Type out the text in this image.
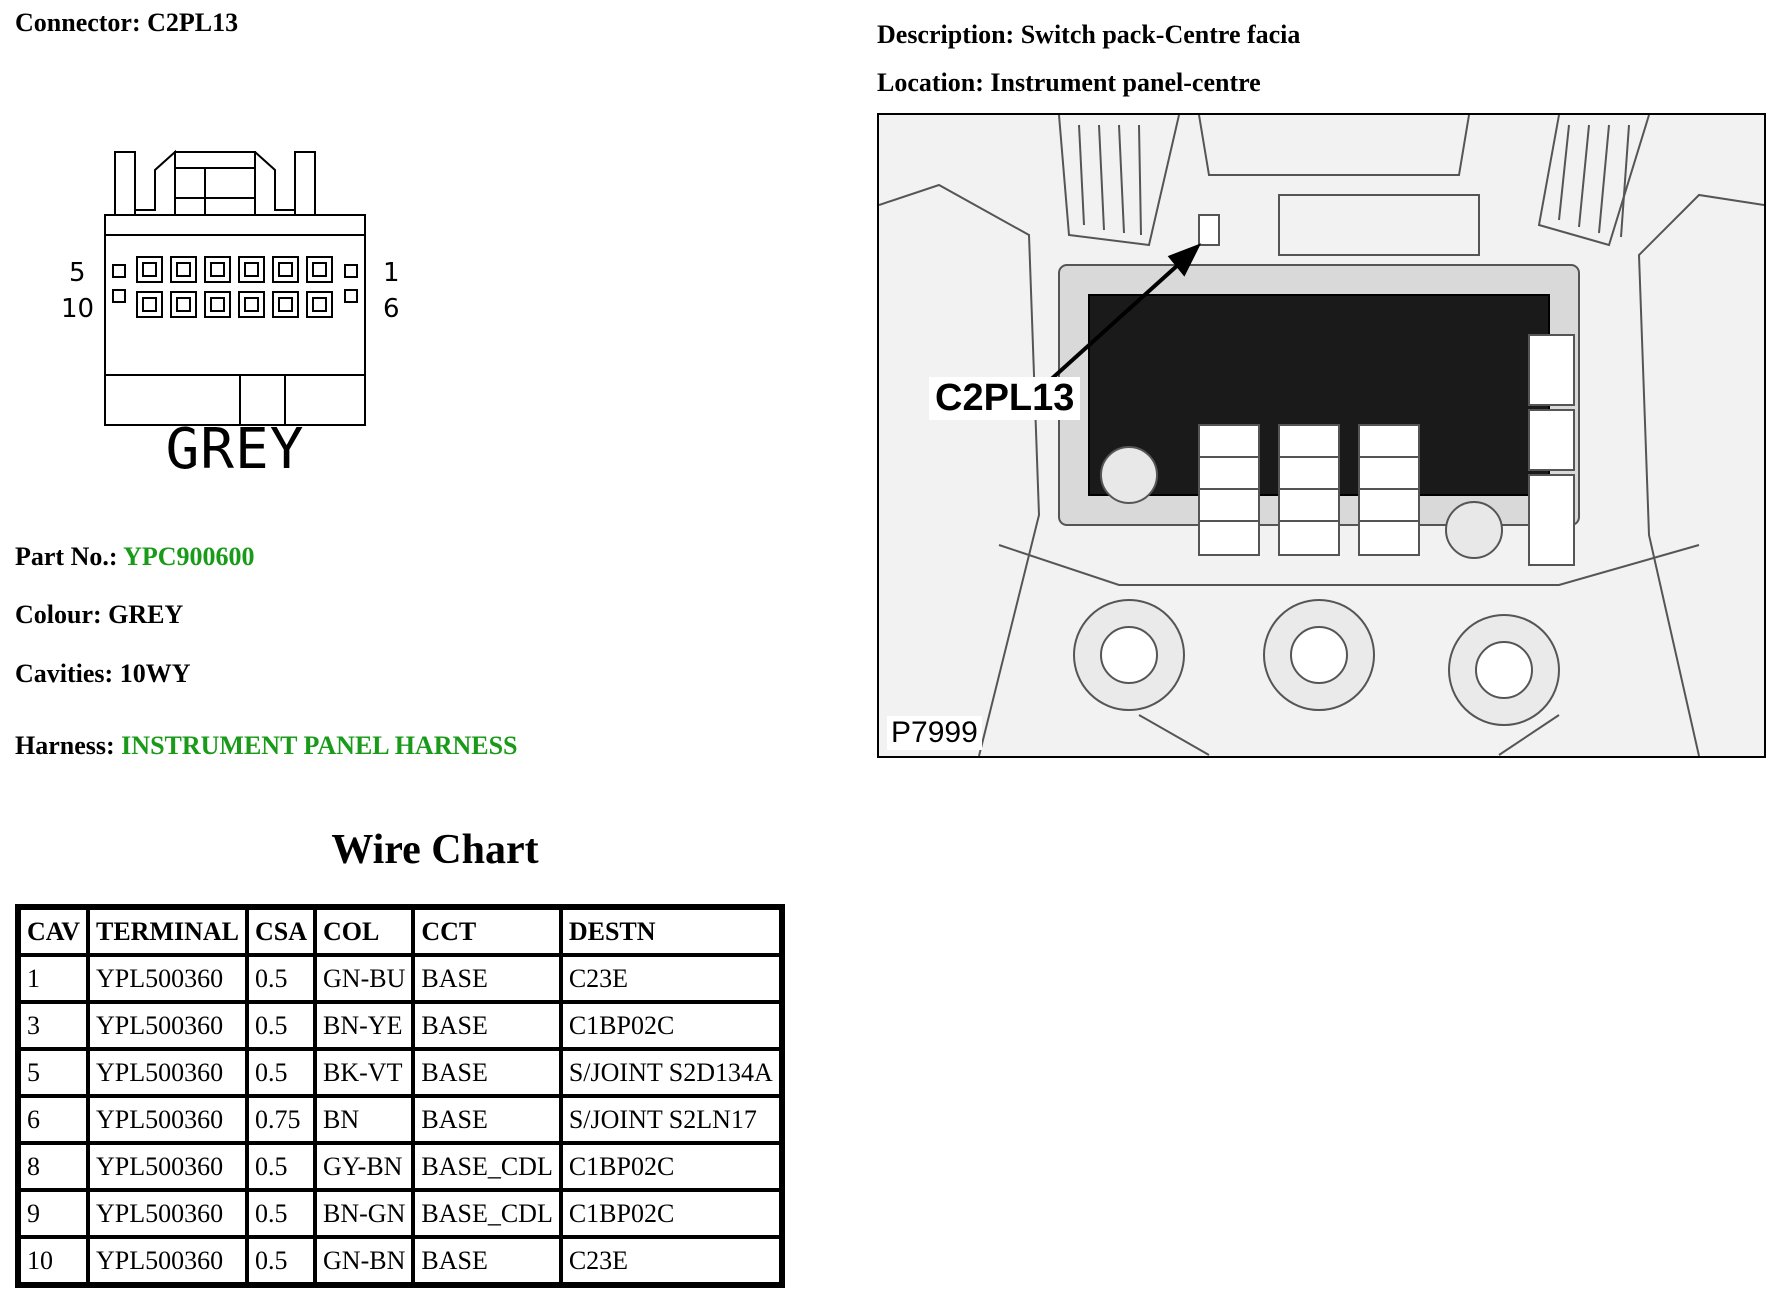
Connector: C2PL13	Description: Switch pack-Centre facia
Location: Instrument panel-centre
5
10
1
6
GREY
Part No.: YPC900600
Colour: GREY
Cavities: 10WY
Harness: INSTRUMENT PANEL HARNESS
Wire Chart
CAV	TERMINAL	CSA	COL	CCT	DESTN
1	YPL500360	0.5	GN-BU	BASE	C23E
3	YPL500360	0.5	BN-YE	BASE	C1BP02C
5	YPL500360	0.5	BK-VT	BASE	S/JOINT S2D134A
6	YPL500360	0.75	BN	BASE	S/JOINT S2LN17
8	YPL500360	0.5	GY-BN	BASE_CDL	C1BP02C
9	YPL500360	0.5	BN-GN	BASE_CDL	C1BP02C
10	YPL500360	0.5	GN-BN	BASE	C23E
C2PL13
P7999
